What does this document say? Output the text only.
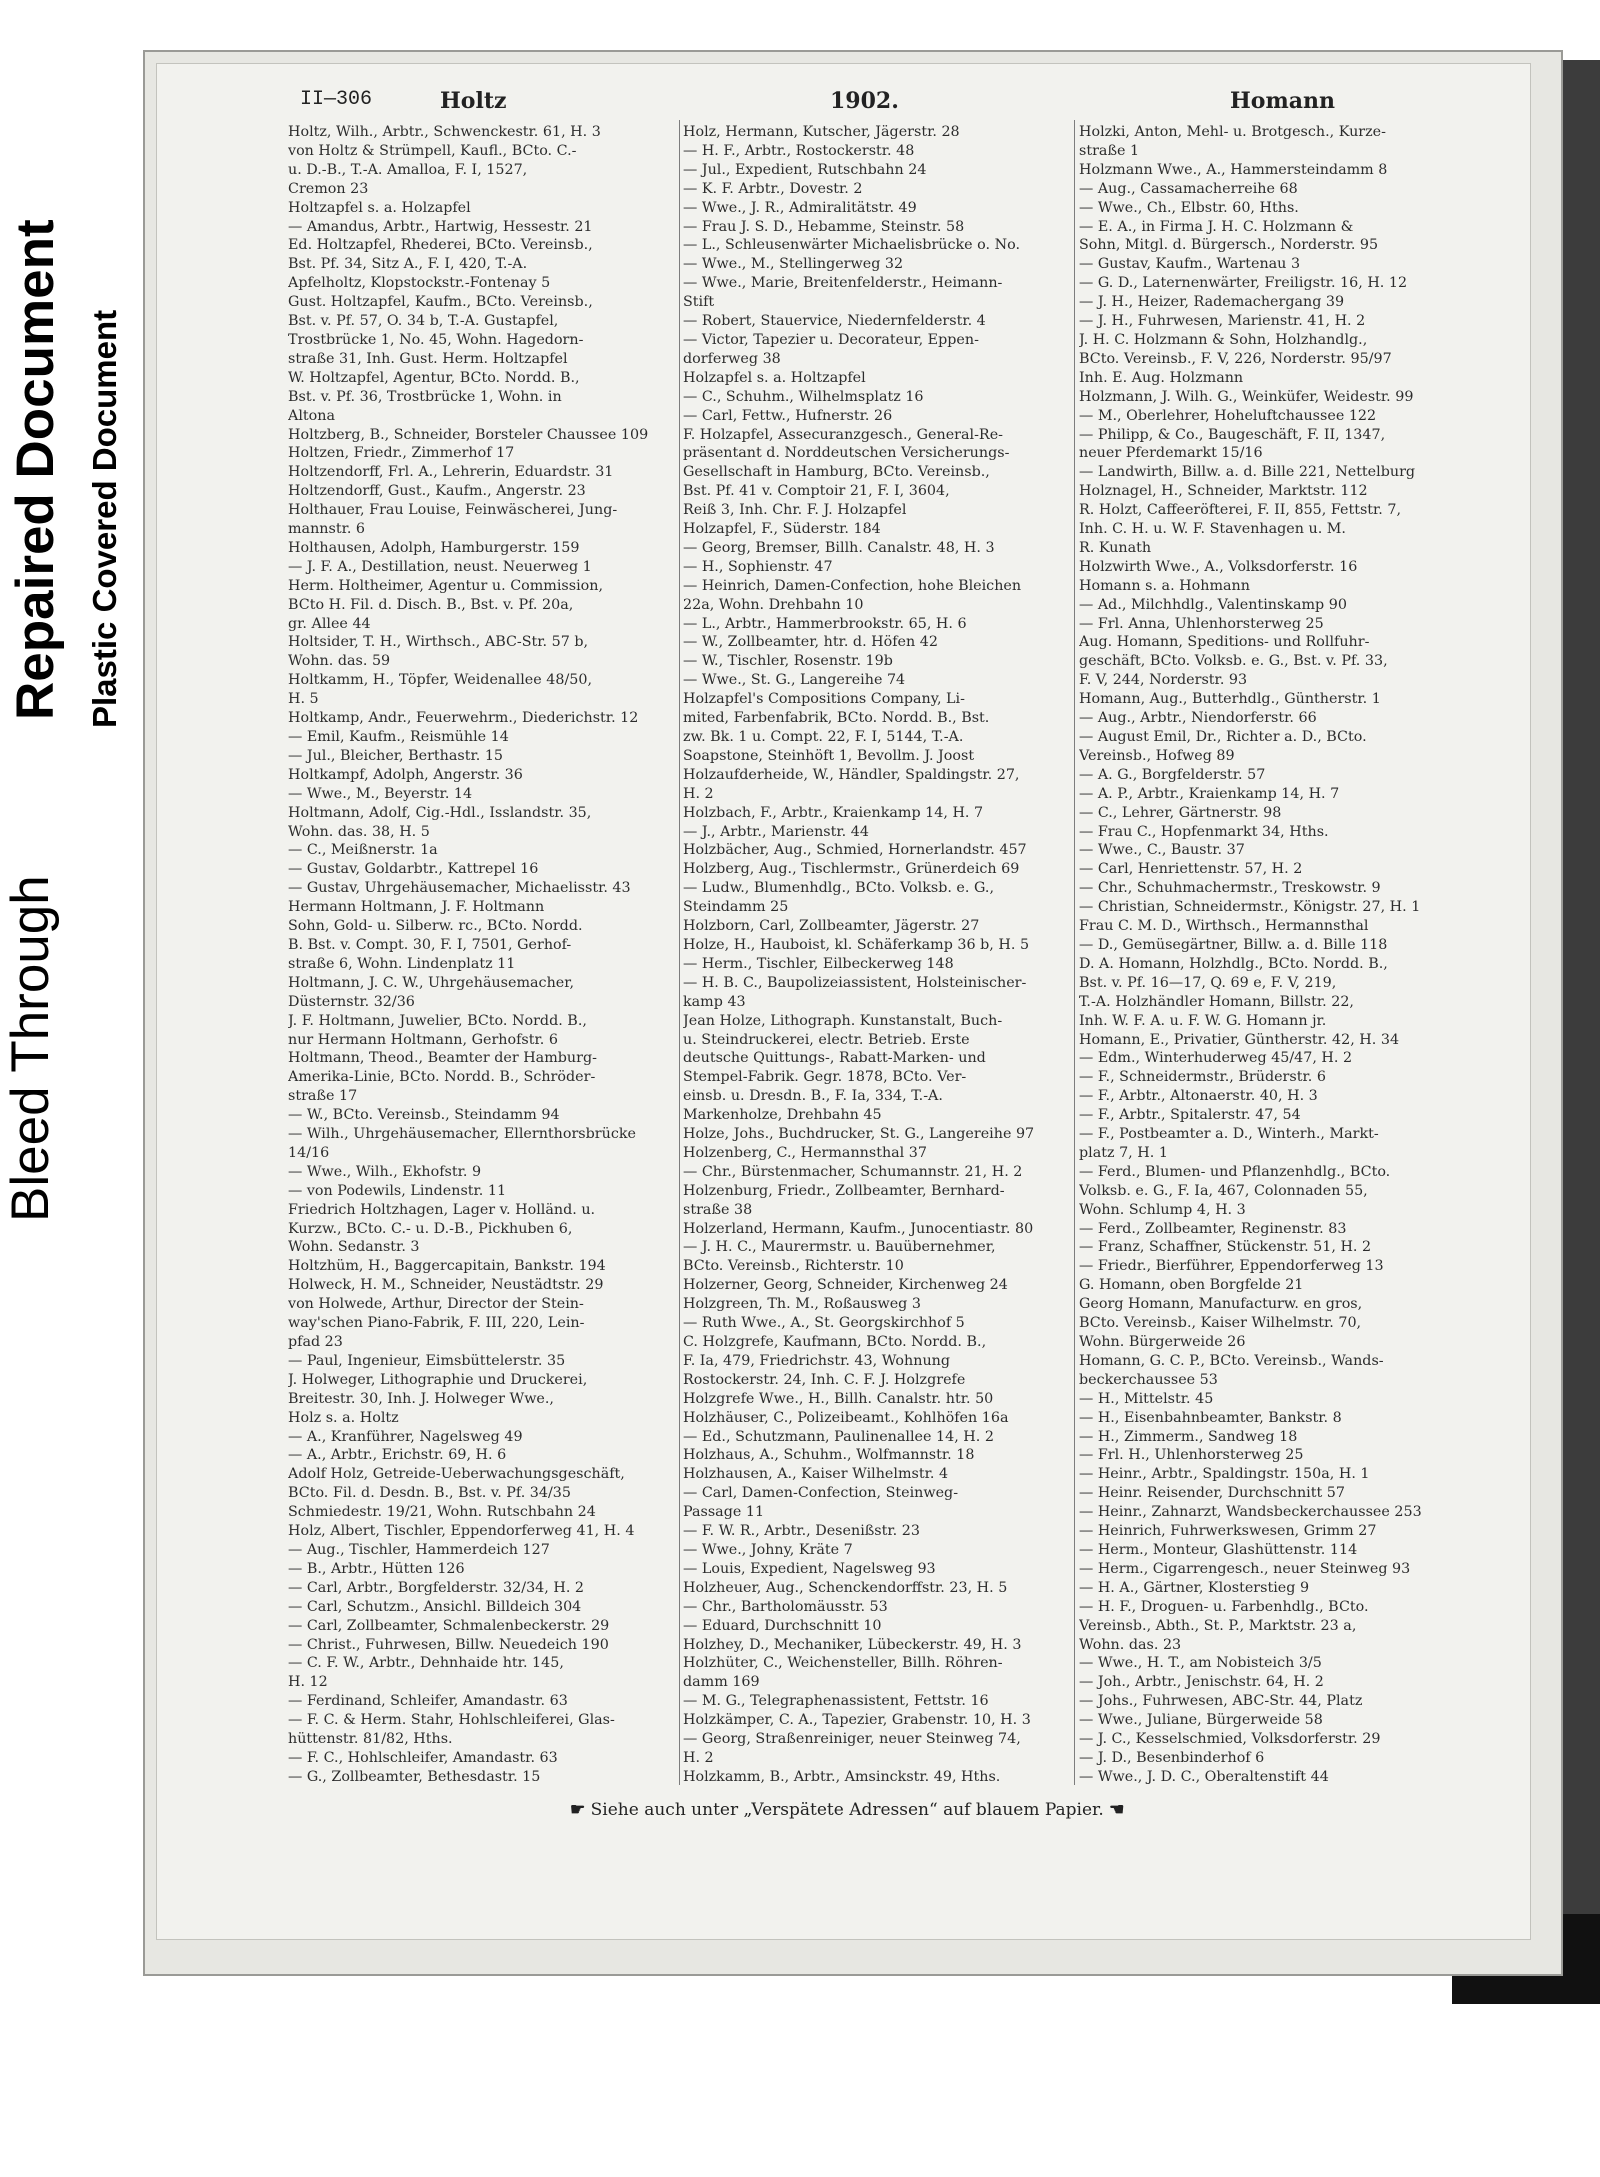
Bleed Through
Repaired Document Plastic Covered Document
II—306	Holtz	1902.	Homann
Holtz, Wilh., Arbtr., Schwenckestr. 61, H. 3
von Holtz & Strümpell, Kaufl., BCto. C.-
u. D.-B., T.-A. Amalloa, F. I, 1527,
Cremon 23
Holtzapfel s. a. Holzapfel
— Amandus, Arbtr., Hartwig, Hessestr. 21
Ed. Holtzapfel, Rhederei, BCto. Vereinsb.,
Bst. Pf. 34, Sitz A., F. I, 420, T.-A.
Apfelholtz, Klopstockstr.-Fontenay 5
Gust. Holtzapfel, Kaufm., BCto. Vereinsb.,
Bst. v. Pf. 57, O. 34 b, T.-A. Gustapfel,
Trostbrücke 1, No. 45, Wohn. Hagedorn-
straße 31, Inh. Gust. Herm. Holtzapfel
W. Holtzapfel, Agentur, BCto. Nordd. B.,
Bst. v. Pf. 36, Trostbrücke 1, Wohn. in
Altona
Holtzberg, B., Schneider, Borsteler Chaussee 109
Holtzen, Friedr., Zimmerhof 17
Holtzendorff, Frl. A., Lehrerin, Eduardstr. 31
Holtzendorff, Gust., Kaufm., Angerstr. 23
Holthauer, Frau Louise, Feinwäscherei, Jung-
mannstr. 6
Holthausen, Adolph, Hamburgerstr. 159
— J. F. A., Destillation, neust. Neuerweg 1
Herm. Holtheimer, Agentur u. Commission,
BCto H. Fil. d. Disch. B., Bst. v. Pf. 20a,
gr. Allee 44
Holtsider, T. H., Wirthsch., ABC-Str. 57 b,
Wohn. das. 59
Holtkamm, H., Töpfer, Weidenallee 48/50,
H. 5
Holtkamp, Andr., Feuerwehrm., Diederichstr. 12
— Emil, Kaufm., Reismühle 14
— Jul., Bleicher, Berthastr. 15
Holtkampf, Adolph, Angerstr. 36
— Wwe., M., Beyerstr. 14
Holtmann, Adolf, Cig.-Hdl., Isslandstr. 35,
Wohn. das. 38, H. 5
— C., Meißnerstr. 1a
— Gustav, Goldarbtr., Kattrepel 16
— Gustav, Uhrgehäusemacher, Michaelisstr. 43
Hermann Holtmann, J. F. Holtmann
Sohn, Gold- u. Silberw. rc., BCto. Nordd.
B. Bst. v. Compt. 30, F. I, 7501, Gerhof-
straße 6, Wohn. Lindenplatz 11
Holtmann, J. C. W., Uhrgehäusemacher,
Düsternstr. 32/36
J. F. Holtmann, Juwelier, BCto. Nordd. B.,
nur Hermann Holtmann, Gerhofstr. 6
Holtmann, Theod., Beamter der Hamburg-
Amerika-Linie, BCto. Nordd. B., Schröder-
straße 17
— W., BCto. Vereinsb., Steindamm 94
— Wilh., Uhrgehäusemacher, Ellernthorsbrücke
14/16
— Wwe., Wilh., Ekhofstr. 9
— von Podewils, Lindenstr. 11
Friedrich Holtzhagen, Lager v. Holländ. u.
Kurzw., BCto. C.- u. D.-B., Pickhuben 6,
Wohn. Sedanstr. 3
Holtzhüm, H., Baggercapitain, Bankstr. 194
Holweck, H. M., Schneider, Neustädtstr. 29
von Holwede, Arthur, Director der Stein-
way'schen Piano-Fabrik, F. III, 220, Lein-
pfad 23
— Paul, Ingenieur, Eimsbüttelerstr. 35
J. Holweger, Lithographie und Druckerei,
Breitestr. 30, Inh. J. Holweger Wwe.,
Holz s. a. Holtz
— A., Kranführer, Nagelsweg 49
— A., Arbtr., Erichstr. 69, H. 6
Adolf Holz, Getreide-Ueberwachungsgeschäft,
BCto. Fil. d. Desdn. B., Bst. v. Pf. 34/35
Schmiedestr. 19/21, Wohn. Rutschbahn 24
Holz, Albert, Tischler, Eppendorferweg 41, H. 4
— Aug., Tischler, Hammerdeich 127
— B., Arbtr., Hütten 126
— Carl, Arbtr., Borgfelderstr. 32/34, H. 2
— Carl, Schutzm., Ansichl. Billdeich 304
— Carl, Zollbeamter, Schmalenbeckerstr. 29
— Christ., Fuhrwesen, Billw. Neuedeich 190
— C. F. W., Arbtr., Dehnhaide htr. 145,
H. 12
— Ferdinand, Schleifer, Amandastr. 63
— F. C. & Herm. Stahr, Hohlschleiferei, Glas-
hüttenstr. 81/82, Hths.
— F. C., Hohlschleifer, Amandastr. 63
— G., Zollbeamter, Bethesdastr. 15
Holz, Hermann, Kutscher, Jägerstr. 28
— H. F., Arbtr., Rostockerstr. 48
— Jul., Expedient, Rutschbahn 24
— K. F. Arbtr., Dovestr. 2
— Wwe., J. R., Admiralitätstr. 49
— Frau J. S. D., Hebamme, Steinstr. 58
— L., Schleusenwärter Michaelisbrücke o. No.
— Wwe., M., Stellingerweg 32
— Wwe., Marie, Breitenfelderstr., Heimann-
Stift
— Robert, Stauervice, Niedernfelderstr. 4
— Victor, Tapezier u. Decorateur, Eppen-
dorferweg 38
Holzapfel s. a. Holtzapfel
— C., Schuhm., Wilhelmsplatz 16
— Carl, Fettw., Hufnerstr. 26
F. Holzapfel, Assecuranzgesch., General-Re-
präsentant d. Norddeutschen Versicherungs-
Gesellschaft in Hamburg, BCto. Vereinsb.,
Bst. Pf. 41 v. Comptoir 21, F. I, 3604,
Reiß 3, Inh. Chr. F. J. Holzapfel
Holzapfel, F., Süderstr. 184
— Georg, Bremser, Billh. Canalstr. 48, H. 3
— H., Sophienstr. 47
— Heinrich, Damen-Confection, hohe Bleichen
22a, Wohn. Drehbahn 10
— L., Arbtr., Hammerbrookstr. 65, H. 6
— W., Zollbeamter, htr. d. Höfen 42
— W., Tischler, Rosenstr. 19b
— Wwe., St. G., Langereihe 74
Holzapfel's Compositions Company, Li-
mited, Farbenfabrik, BCto. Nordd. B., Bst.
zw. Bk. 1 u. Compt. 22, F. I, 5144, T.-A.
Soapstone, Steinhöft 1, Bevollm. J. Joost
Holzaufderheide, W., Händler, Spaldingstr. 27,
H. 2
Holzbach, F., Arbtr., Kraienkamp 14, H. 7
— J., Arbtr., Marienstr. 44
Holzbächer, Aug., Schmied, Hornerlandstr. 457
Holzberg, Aug., Tischlermstr., Grünerdeich 69
— Ludw., Blumenhdlg., BCto. Volksb. e. G.,
Steindamm 25
Holzborn, Carl, Zollbeamter, Jägerstr. 27
Holze, H., Hauboist, kl. Schäferkamp 36 b, H. 5
— Herm., Tischler, Eilbeckerweg 148
— H. B. C., Baupolizeiassistent, Holsteinischer-
kamp 43
Jean Holze, Lithograph. Kunstanstalt, Buch-
u. Steindruckerei, electr. Betrieb. Erste
deutsche Quittungs-, Rabatt-Marken- und
Stempel-Fabrik. Gegr. 1878, BCto. Ver-
einsb. u. Dresdn. B., F. Ia, 334, T.-A.
Markenholze, Drehbahn 45
Holze, Johs., Buchdrucker, St. G., Langereihe 97
Holzenberg, C., Hermannsthal 37
— Chr., Bürstenmacher, Schumannstr. 21, H. 2
Holzenburg, Friedr., Zollbeamter, Bernhard-
straße 38
Holzerland, Hermann, Kaufm., Junocentiastr. 80
— J. H. C., Maurermstr. u. Bauübernehmer,
BCto. Vereinsb., Richterstr. 10
Holzerner, Georg, Schneider, Kirchenweg 24
Holzgreen, Th. M., Roßausweg 3
— Ruth Wwe., A., St. Georgskirchhof 5
C. Holzgrefe, Kaufmann, BCto. Nordd. B.,
F. Ia, 479, Friedrichstr. 43, Wohnung
Rostockerstr. 24, Inh. C. F. J. Holzgrefe
Holzgrefe Wwe., H., Billh. Canalstr. htr. 50
Holzhäuser, C., Polizeibeamt., Kohlhöfen 16a
— Ed., Schutzmann, Paulinenallee 14, H. 2
Holzhaus, A., Schuhm., Wolfmannstr. 18
Holzhausen, A., Kaiser Wilhelmstr. 4
— Carl, Damen-Confection, Steinweg-
Passage 11
— F. W. R., Arbtr., Desenißstr. 23
— Wwe., Johny, Kräte 7
— Louis, Expedient, Nagelsweg 93
Holzheuer, Aug., Schenckendorffstr. 23, H. 5
— Chr., Bartholomäusstr. 53
— Eduard, Durchschnitt 10
Holzhey, D., Mechaniker, Lübeckerstr. 49, H. 3
Holzhüter, C., Weichensteller, Billh. Röhren-
damm 169
— M. G., Telegraphenassistent, Fettstr. 16
Holzkämper, C. A., Tapezier, Grabenstr. 10, H. 3
— Georg, Straßenreiniger, neuer Steinweg 74,
H. 2
Holzkamm, B., Arbtr., Amsinckstr. 49, Hths.
Holzki, Anton, Mehl- u. Brotgesch., Kurze-
straße 1
Holzmann Wwe., A., Hammersteindamm 8
— Aug., Cassamacherreihe 68
— Wwe., Ch., Elbstr. 60, Hths.
— E. A., in Firma J. H. C. Holzmann &
Sohn, Mitgl. d. Bürgersch., Norderstr. 95
— Gustav, Kaufm., Wartenau 3
— G. D., Laternenwärter, Freiligstr. 16, H. 12
— J. H., Heizer, Rademachergang 39
— J. H., Fuhrwesen, Marienstr. 41, H. 2
J. H. C. Holzmann & Sohn, Holzhandlg.,
BCto. Vereinsb., F. V, 226, Norderstr. 95/97
Inh. E. Aug. Holzmann
Holzmann, J. Wilh. G., Weinküfer, Weidestr. 99
— M., Oberlehrer, Hoheluftchaussee 122
— Philipp, & Co., Baugeschäft, F. II, 1347,
neuer Pferdemarkt 15/16
— Landwirth, Billw. a. d. Bille 221, Nettelburg
Holznagel, H., Schneider, Marktstr. 112
R. Holzt, Caffeeröfterei, F. II, 855, Fettstr. 7,
Inh. C. H. u. W. F. Stavenhagen u. M.
R. Kunath
Holzwirth Wwe., A., Volksdorferstr. 16
Homann s. a. Hohmann
— Ad., Milchhdlg., Valentinskamp 90
— Frl. Anna, Uhlenhorsterweg 25
Aug. Homann, Speditions- und Rollfuhr-
geschäft, BCto. Volksb. e. G., Bst. v. Pf. 33,
F. V, 244, Norderstr. 93
Homann, Aug., Butterhdlg., Güntherstr. 1
— Aug., Arbtr., Niendorferstr. 66
— August Emil, Dr., Richter a. D., BCto.
Vereinsb., Hofweg 89
— A. G., Borgfelderstr. 57
— A. P., Arbtr., Kraienkamp 14, H. 7
— C., Lehrer, Gärtnerstr. 98
— Frau C., Hopfenmarkt 34, Hths.
— Wwe., C., Baustr. 37
— Carl, Henriettenstr. 57, H. 2
— Chr., Schuhmachermstr., Treskowstr. 9
— Christian, Schneidermstr., Königstr. 27, H. 1
Frau C. M. D., Wirthsch., Hermannsthal
— D., Gemüsegärtner, Billw. a. d. Bille 118
D. A. Homann, Holzhdlg., BCto. Nordd. B.,
Bst. v. Pf. 16—17, Q. 69 e, F. V, 219,
T.-A. Holzhändler Homann, Billstr. 22,
Inh. W. F. A. u. F. W. G. Homann jr.
Homann, E., Privatier, Güntherstr. 42, H. 34
— Edm., Winterhuderweg 45/47, H. 2
— F., Schneidermstr., Brüderstr. 6
— F., Arbtr., Altonaerstr. 40, H. 3
— F., Arbtr., Spitalerstr. 47, 54
— F., Postbeamter a. D., Winterh., Markt-
platz 7, H. 1
— Ferd., Blumen- und Pflanzenhdlg., BCto.
Volksb. e. G., F. Ia, 467, Colonnaden 55,
Wohn. Schlump 4, H. 3
— Ferd., Zollbeamter, Reginenstr. 83
— Franz, Schaffner, Stückenstr. 51, H. 2
— Friedr., Bierführer, Eppendorferweg 13
G. Homann, oben Borgfelde 21
Georg Homann, Manufacturw. en gros,
BCto. Vereinsb., Kaiser Wilhelmstr. 70,
Wohn. Bürgerweide 26
Homann, G. C. P., BCto. Vereinsb., Wands-
beckerchaussee 53
— H., Mittelstr. 45
— H., Eisenbahnbeamter, Bankstr. 8
— H., Zimmerm., Sandweg 18
— Frl. H., Uhlenhorsterweg 25
— Heinr., Arbtr., Spaldingstr. 150a, H. 1
— Heinr. Reisender, Durchschnitt 57
— Heinr., Zahnarzt, Wandsbeckerchaussee 253
— Heinrich, Fuhrwerkswesen, Grimm 27
— Herm., Monteur, Glashüttenstr. 114
— Herm., Cigarrengesch., neuer Steinweg 93
— H. A., Gärtner, Klosterstieg 9
— H. F., Droguen- u. Farbenhdlg., BCto.
Vereinsb., Abth., St. P., Marktstr. 23 a,
Wohn. das. 23
— Wwe., H. T., am Nobisteich 3/5
— Joh., Arbtr., Jenischstr. 64, H. 2
— Johs., Fuhrwesen, ABC-Str. 44, Platz
— Wwe., Juliane, Bürgerweide 58
— J. C., Kesselschmied, Volksdorferstr. 29
— J. D., Besenbinderhof 6
— Wwe., J. D. C., Oberaltenstift 44
☛ Siehe auch unter „Verspätete Adressen“ auf blauem Papier. ☚
